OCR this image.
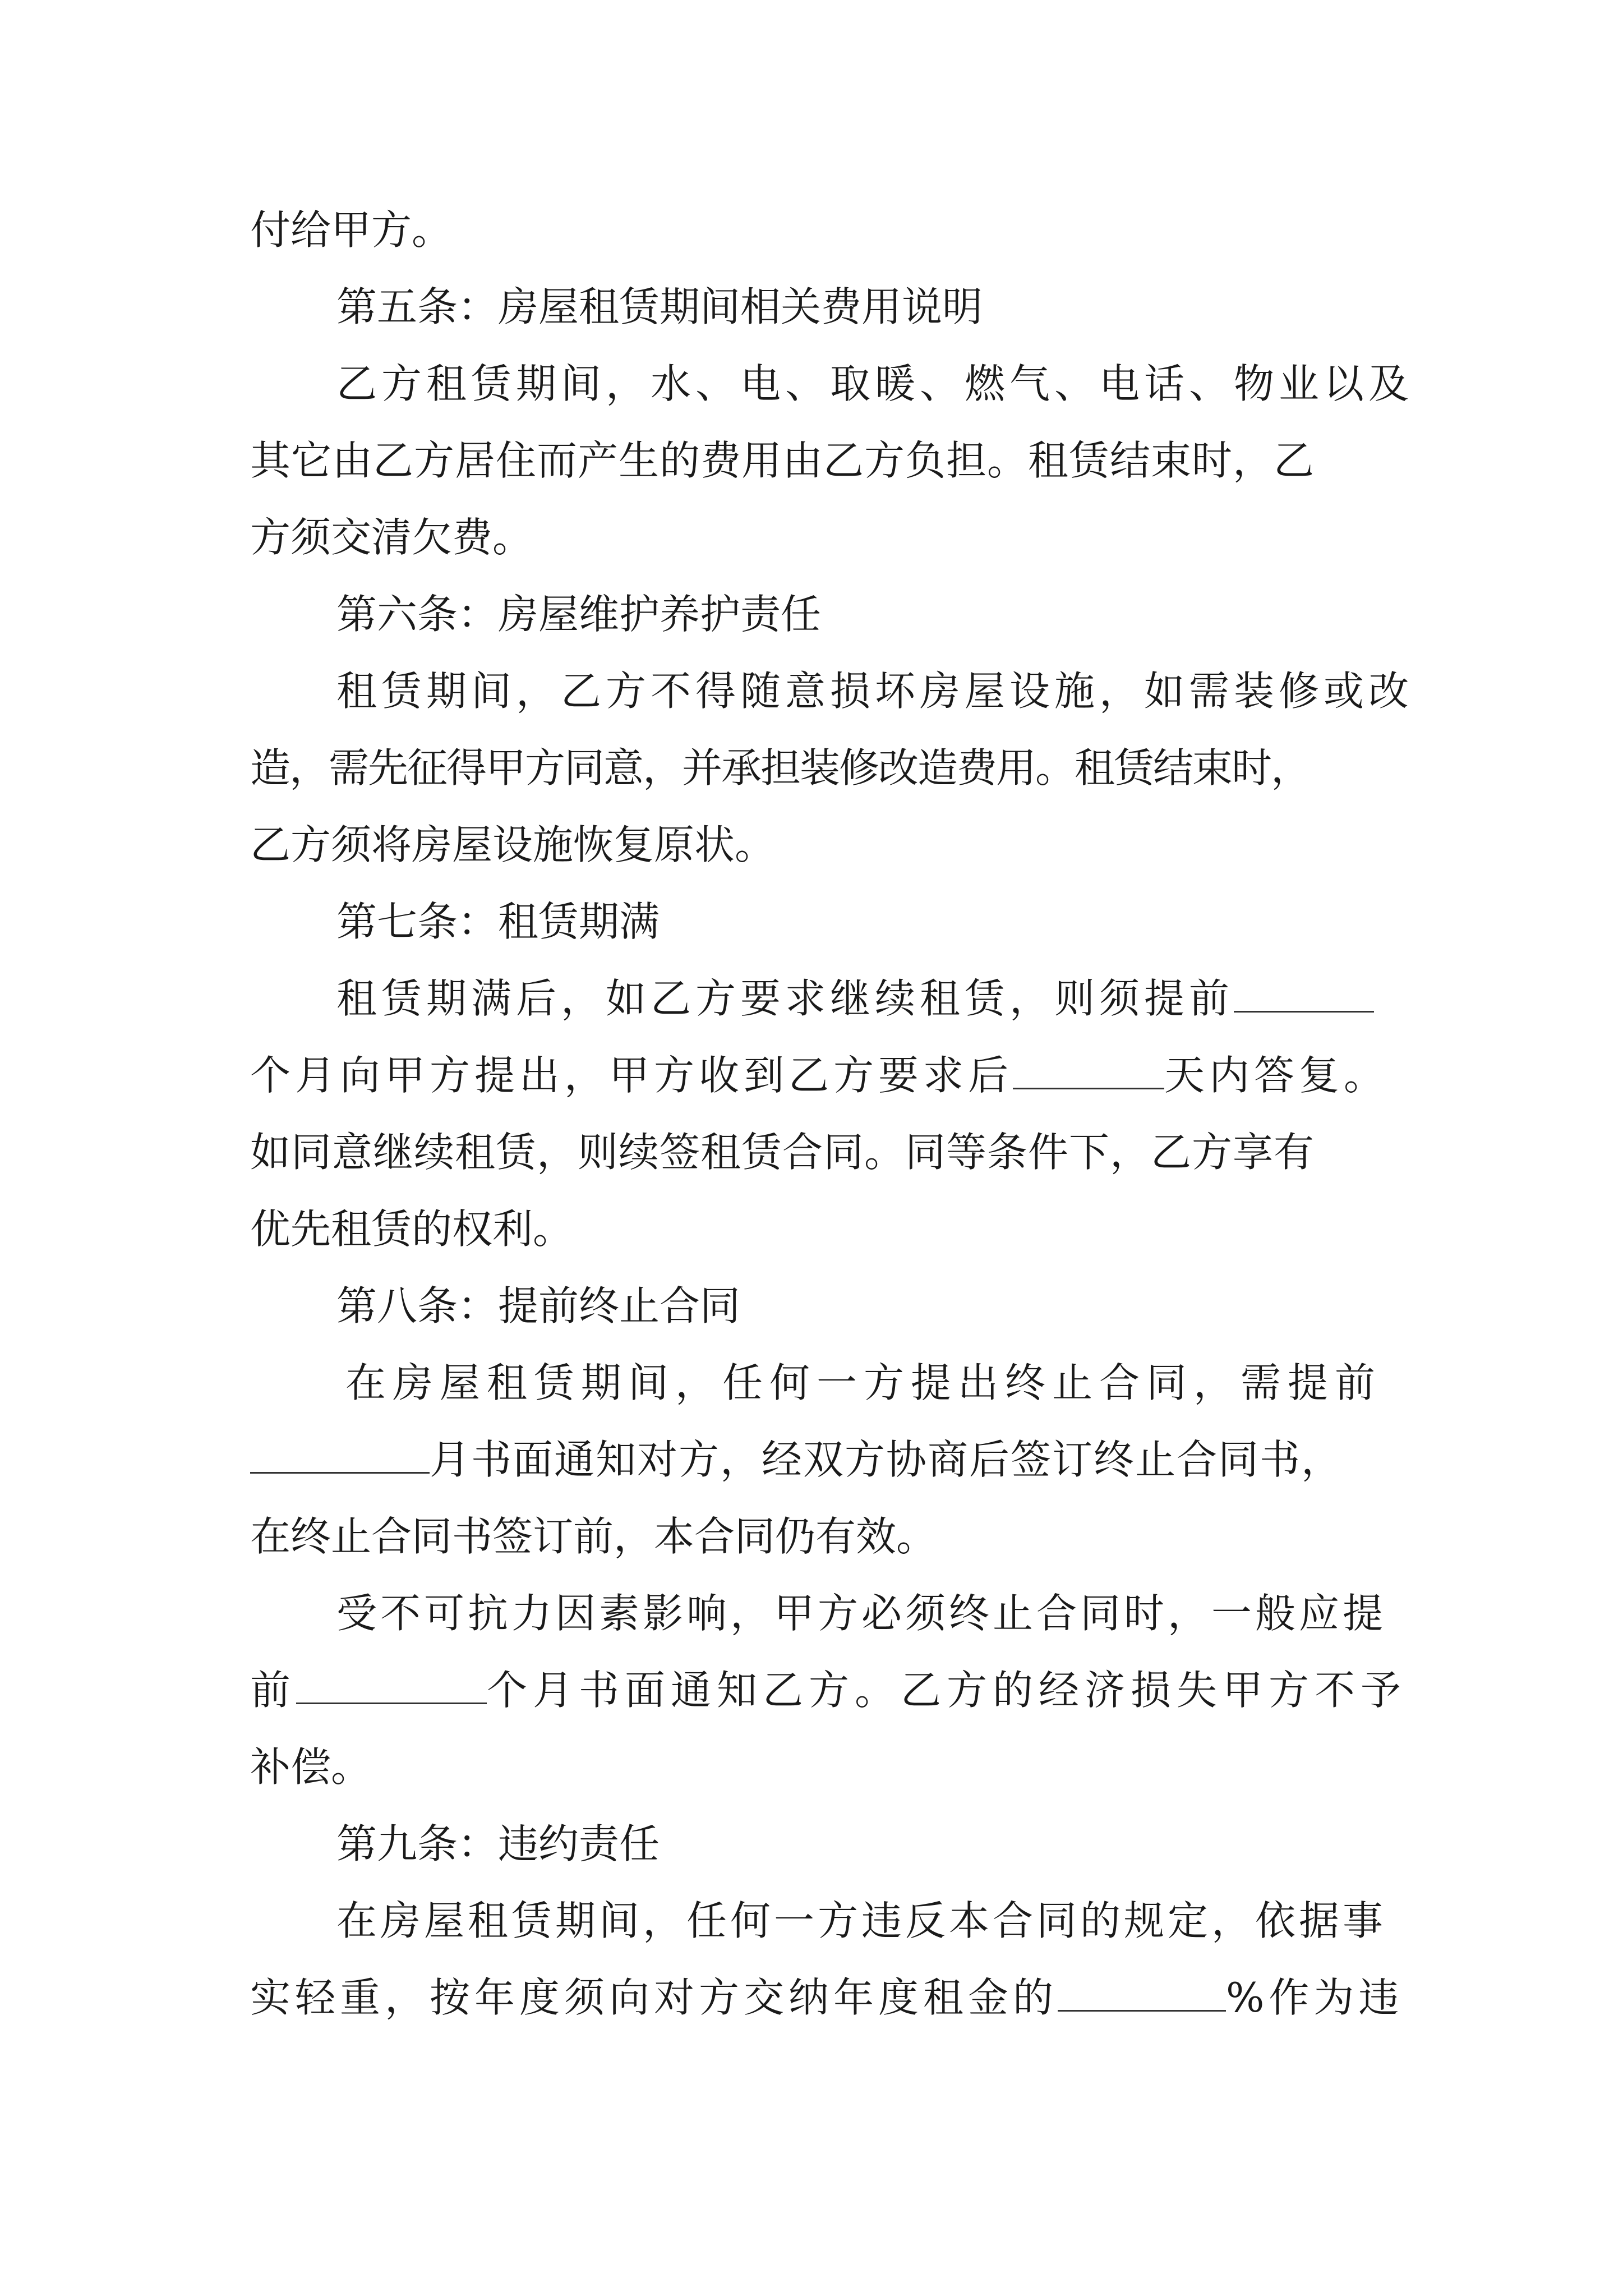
付给甲方。
第五条：房屋租赁期间相关费用说明
乙方租赁期间，水、电、取暖、燃气、电话、物业以及
其它由乙方居住而产生的费用由乙方负担。租赁结束时，乙
方须交清欠费。
第六条：房屋维护养护责任
租赁期间，乙方不得随意损坏房屋设施，如需装修或改
造，需先征得甲方同意，并承担装修改造费用。租赁结束时，
乙方须将房屋设施恢复原状。
第七条：租赁期满
租赁期满后，如乙方要求继续租赁，则须提前
个月向甲方提出，甲方收到乙方要求后	天内答复。
如同意继续租赁，则续签租赁合同。同等条件下，乙方享有
优先租赁的权利。
第八条：提前终止合同
在房屋租赁期间，任何一方提出终止合同，需提前
月书面通知对方，经双方协商后签订终止合同书，
在终止合同书签订前，本合同仍有效。
受不可抗力因素影响，甲方必须终止合同时，一般应提
前	个月书面通知乙方。乙方的经济损失甲方不予
补偿。
第九条：违约责任
在房屋租赁期间，任何一方违反本合同的规定，依据事
实轻重，按年度须向对方交纳年度租金的	%作为违
